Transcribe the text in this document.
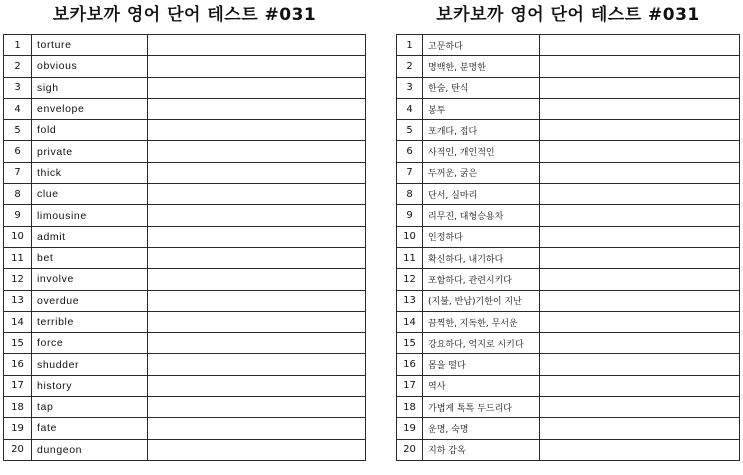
보카보까 영어 단어 테스트 #031
1	torture	
2	obvious	
3	sigh	
4	envelope	
5	fold	
6	private	
7	thick	
8	clue	
9	limousine	
10	admit	
11	bet	
12	involve	
13	overdue	
14	terrible	
15	force	
16	shudder	
17	history	
18	tap	
19	fate	
20	dungeon	
보카보까 영어 단어 테스트 #031
1	고문하다	
2	명백한, 분명한	
3	한숨, 탄식	
4	봉투	
5	포개다, 접다	
6	사적인, 개인적인	
7	두꺼운, 굵은	
8	단서, 실마리	
9	리무진, 대형승용차	
10	인정하다	
11	확신하다, 내기하다	
12	포함하다, 관련시키다	
13	(지불, 반납)기한이 지난	
14	끔찍한, 지독한, 무서운	
15	강요하다, 억지로 시키다	
16	몸을 떨다	
17	역사	
18	가볍게 톡톡 두드리다	
19	운명, 숙명	
20	지하 감옥	
